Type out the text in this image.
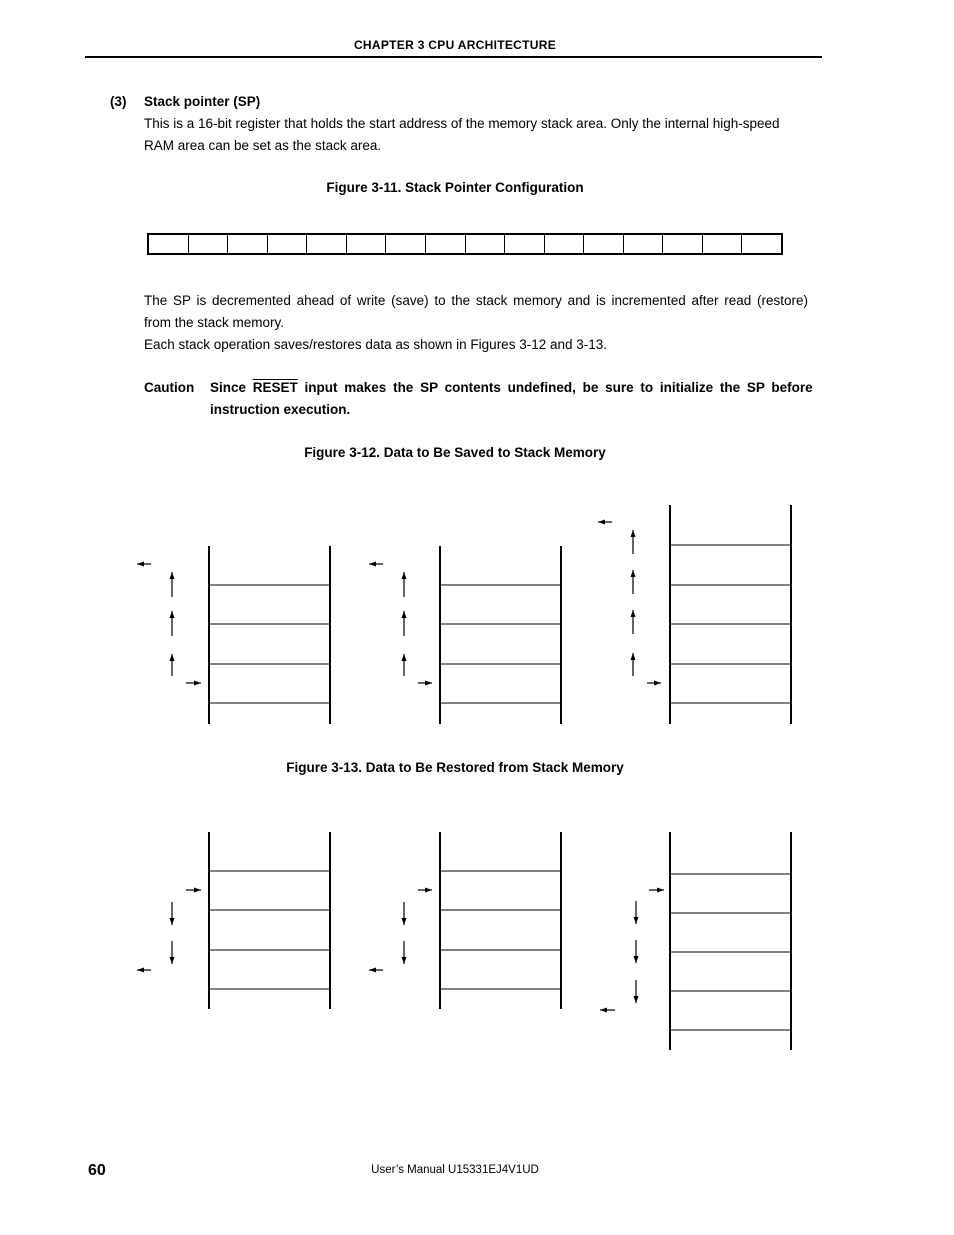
CHAPTER 3 CPU ARCHITECTURE
(3) Stack pointer (SP)
This is a 16-bit register that holds the start address of the memory stack area. Only the internal high-speed
RAM area can be set as the stack area.
Figure 3-11. Stack Pointer Configuration
The SP is decremented ahead of write (save) to the stack memory and is incremented after read (restore)
from the stack memory.
Each stack operation saves/restores data as shown in Figures 3-12 and 3-13.
Caution Since RESET input makes the SP contents undefined, be sure to initialize the SP before
instruction execution.
Figure 3-12. Data to Be Saved to Stack Memory
Figure 3-13. Data to Be Restored from Stack Memory
60	User’s Manual U15331EJ4V1UD
